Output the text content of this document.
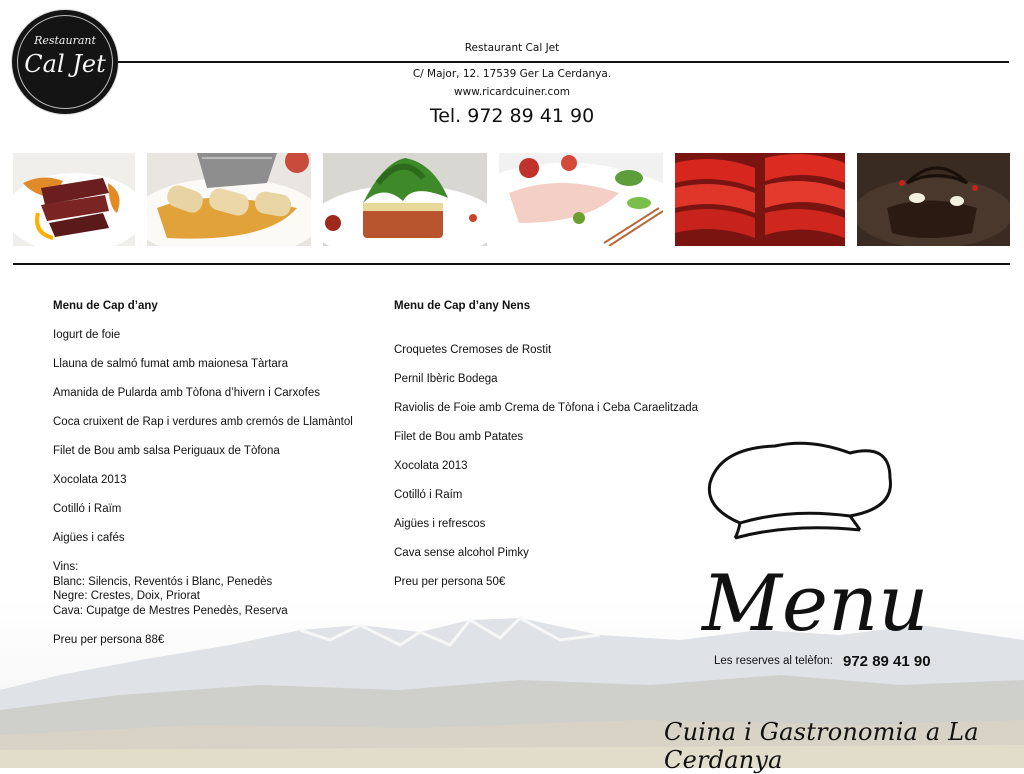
Restaurant
Cal Jet
Restaurant Cal Jet
C/ Major, 12. 17539 Ger La Cerdanya.
www.ricardcuiner.com
Tel. 972 89 41 90
Menu de Cap d’any

Iogurt de foie

Llauna de salmó fumat amb maionesa Tàrtara

Amanida de Pularda amb Tòfona d’hivern i Carxofes

Coca cruixent de Rap i verdures amb cremós de Llamàntol

Filet de Bou amb salsa Periguaux de Tòfona

Xocolata 2013

Cotilló i Raïm

Aigües i cafés

Vins:

Blanc: Silencis, Reventós i Blanc, Penedès

Negre: Crestes, Doix, Priorat

Cava: Cupatge de Mestres Penedès, Reserva

Preu per persona 88€

Menu de Cap d’any Nens

Croquetes Cremoses de Rostit

Pernil Ibèric Bodega

Raviolis de Foie amb Crema de Tòfona i Ceba Caraelitzada

Filet de Bou amb Patates

Xocolata 2013

Cotilló i Raím

Aigües i refrescos

Cava sense alcohol Pimky

Preu per persona 50€	Menu
Les reserves al telèfon: 972 89 41 90
Cuina i Gastronomia a La Cerdanya
